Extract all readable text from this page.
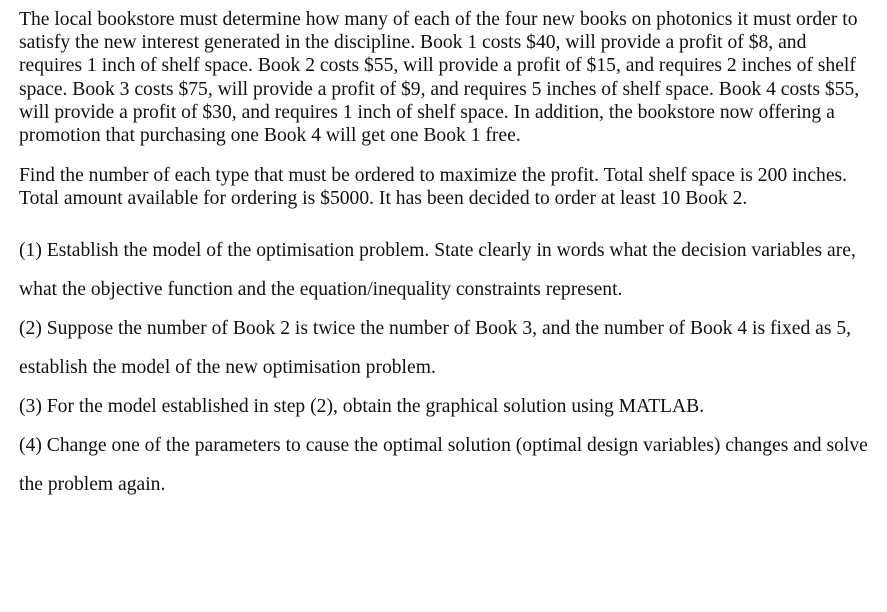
The local bookstore must determine how many of each of the four new books on photonics it must order to satisfy the new interest generated in the discipline. Book 1 costs $40, will provide a profit of $8, and requires 1 inch of shelf space. Book 2 costs $55, will provide a profit of $15, and requires 2 inches of shelf space. Book 3 costs $75, will provide a profit of $9, and requires 5 inches of shelf space. Book 4 costs $55, will provide a profit of $30, and requires 1 inch of shelf space. In addition, the bookstore now offering a promotion that purchasing one Book 4 will get one Book 1 free.

Find the number of each type that must be ordered to maximize the profit. Total shelf space is 200 inches. Total amount available for ordering is $5000. It has been decided to order at least 10 Book 2.

(1) Establish the model of the optimisation problem. State clearly in words what the decision variables are, what the objective function and the equation/inequality constraints represent.
(2) Suppose the number of Book 2 is twice the number of Book 3, and the number of Book 4 is fixed as 5, establish the model of the new optimisation problem.
(3) For the model established in step (2), obtain the graphical solution using MATLAB.
(4) Change one of the parameters to cause the optimal solution (optimal design variables) changes and solve the problem again.
